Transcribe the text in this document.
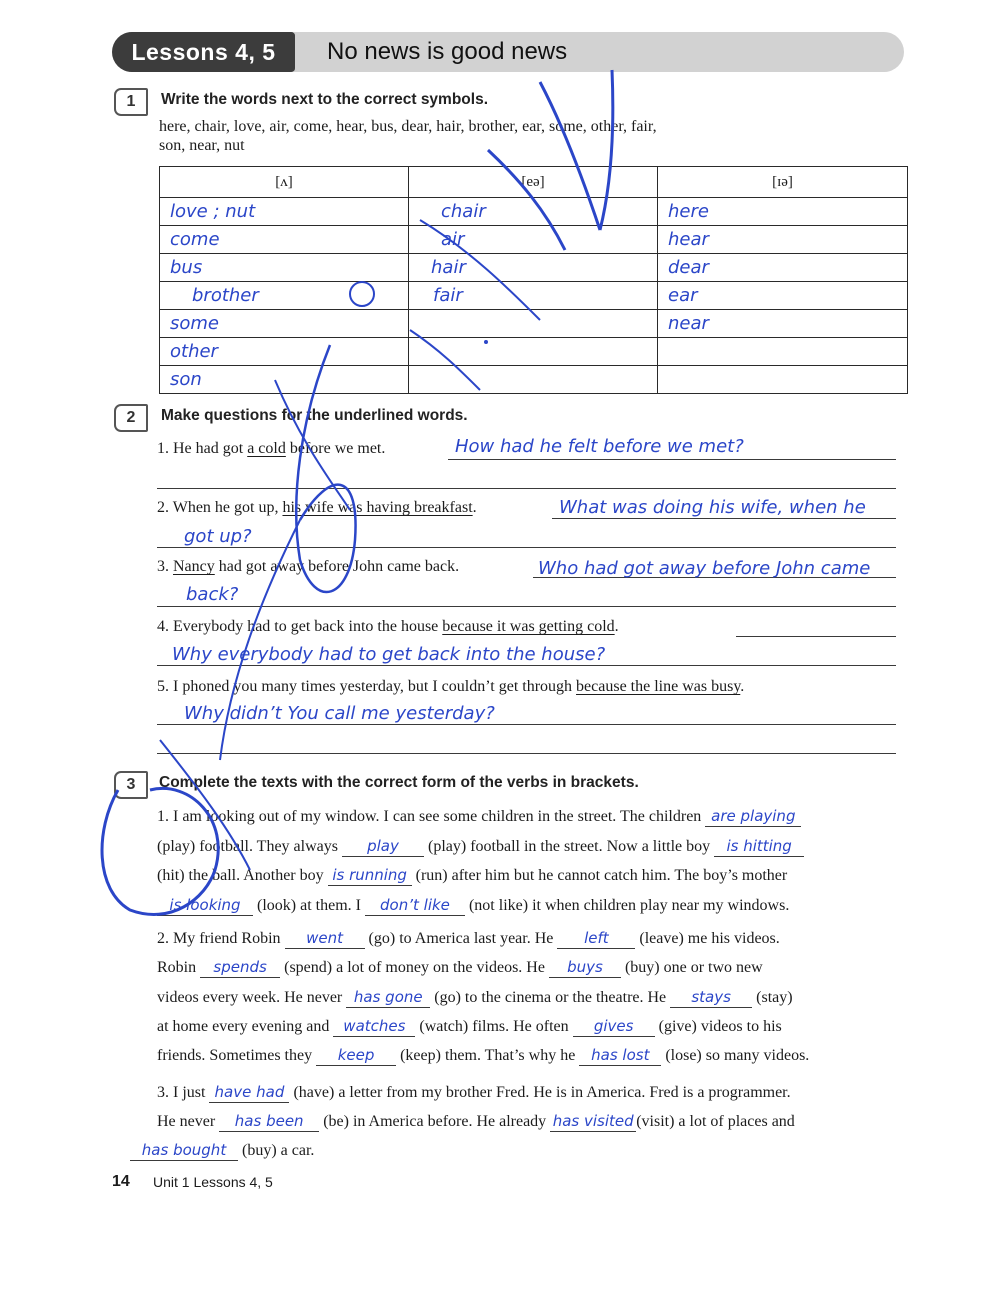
Lessons 4, 5	No news is good news
1	Write the words next to the correct symbols.
here, chair, love, air, come, hear, bus, dear, hair, brother, ear, some, other, fair,
son, near, nut
[ʌ]	[eə]	[ɪə]
love ; nut	chair	here
come	air	hear
bus	hair	dear
brother	fair	ear
some		near
other		
son		
2	Make questions for the underlined words.
1. He had got a cold before we met.	How had he felt before we met?
2. When he got up, his wife was having breakfast.	What was doing his wife, when he
got up?
3. Nancy had got away before John came back.	Who had got away before John came
back?
4. Everybody had to get back into the house because it was getting cold.
Why everybody had to get back into the house?
5. I phoned you many times yesterday, but I couldn’t get through because the line was busy.
Why didn’t You call me yesterday?
3	Complete the texts with the correct form of the verbs in brackets.
1. I am looking out of my window. I can see some children in the street. The children are playing
(play) football. They always play (play) football in the street. Now a little boy is hitting
(hit) the ball. Another boy is running (run) after him but he cannot catch him. The boy’s mother
is looking (look) at them. I don’t like (not like) it when children play near my windows.
2. My friend Robin went (go) to America last year. He left (leave) me his videos.
Robin spends (spend) a lot of money on the videos. He buys (buy) one or two new
videos every week. He never has gone (go) to the cinema or the theatre. He stays (stay)
at home every evening and watches (watch) films. He often gives (give) videos to his
friends. Sometimes they keep (keep) them. That’s why he has lost (lose) so many videos.
3. I just have had (have) a letter from my brother Fred. He is in America. Fred is a programmer.
He never has been (be) in America before. He already has visited (visit) a lot of places and
has bought (buy) a car.
14 Unit 1 Lessons 4, 5
